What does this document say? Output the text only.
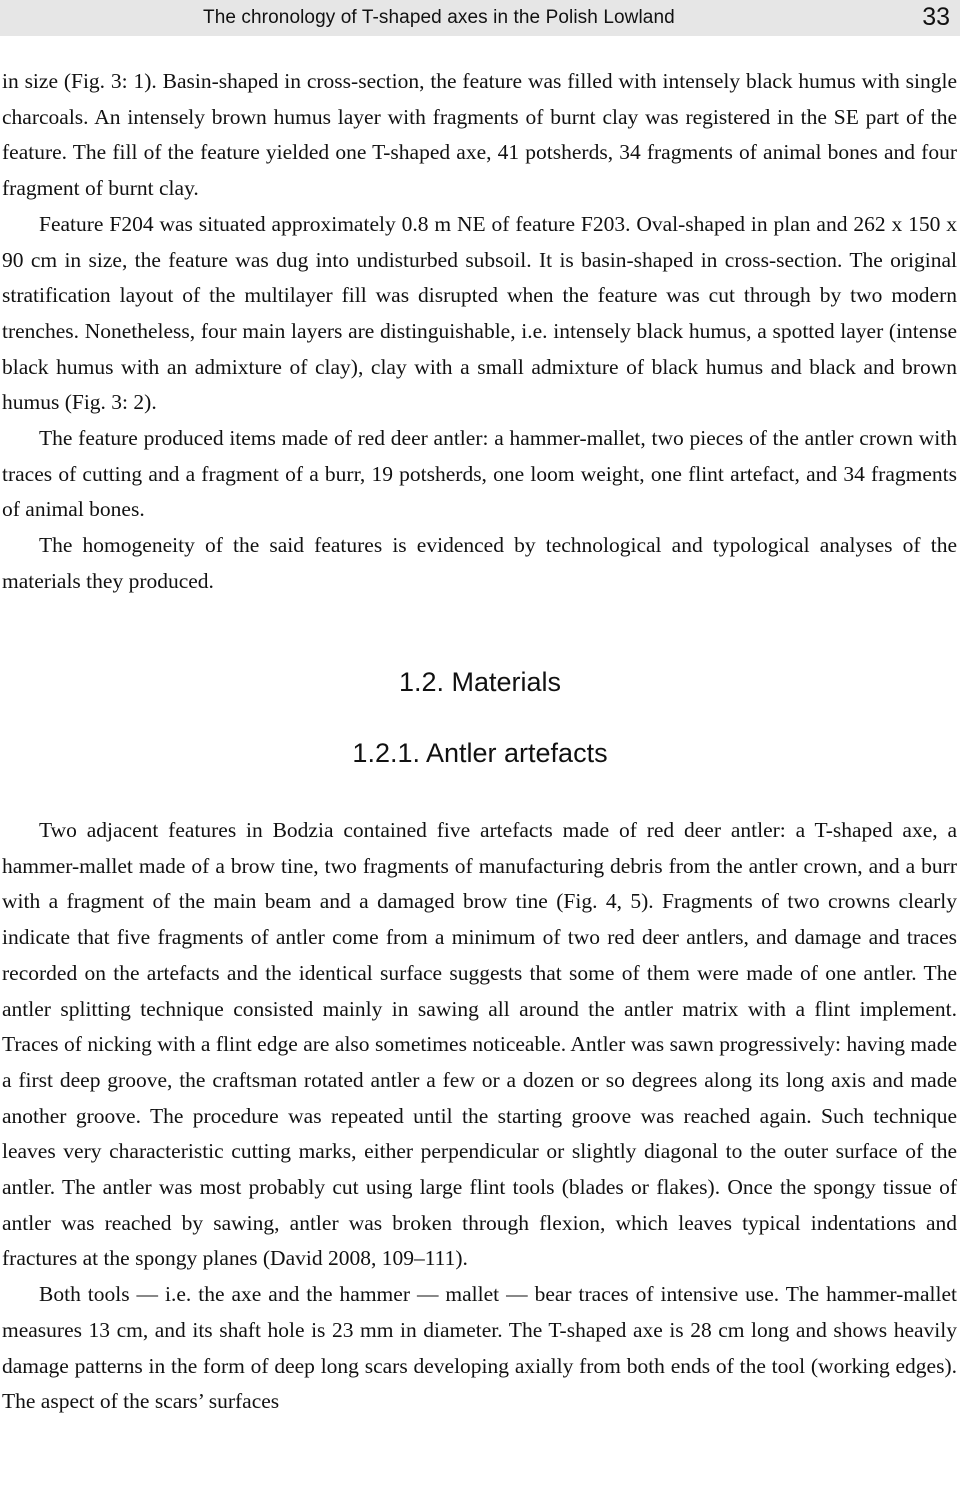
The chronology of T-shaped axes in the Polish Lowland	33

in size (Fig. 3: 1). Basin-shaped in cross-section, the feature was filled with intensely black humus with single charcoals. An intensely brown humus layer with fragments of burnt clay was registered in the SE part of the feature. The fill of the feature yielded one T-shaped axe, 41 potsherds, 34 fragments of animal bones and four fragment of burnt clay.

Feature F204 was situated approximately 0.8 m NE of feature F203. Oval-shaped in plan and 262 x 150 x 90 cm in size, the feature was dug into undisturbed subsoil. It is basin-shaped in cross-section. The original stratification layout of the multilayer fill was disrupted when the feature was cut through by two modern trenches. Nonetheless, four main layers are distinguishable, i.e. intensely black humus, a spotted layer (intense black humus with an admixture of clay), clay with a small admixture of black humus and black and brown humus (Fig. 3: 2).

The feature produced items made of red deer antler: a hammer-mallet, two pieces of the antler crown with traces of cutting and a fragment of a burr, 19 potsherds, one loom weight, one flint artefact, and 34 fragments of animal bones.

The homogeneity of the said features is evidenced by technological and typological analyses of the materials they produced.

1.2. Materials
1.2.1. Antler artefacts

Two adjacent features in Bodzia contained five artefacts made of red deer antler: a T-shaped axe, a hammer-mallet made of a brow tine, two fragments of manufacturing debris from the antler crown, and a burr with a fragment of the main beam and a damaged brow tine (Fig. 4, 5). Fragments of two crowns clearly indicate that five fragments of antler come from a minimum of two red deer antlers, and damage and traces recorded on the artefacts and the identical surface suggests that some of them were made of one antler. The antler splitting technique consisted mainly in sawing all around the antler matrix with a flint implement. Traces of nicking with a flint edge are also sometimes noticeable. Antler was sawn progressively: having made a first deep groove, the craftsman rotated antler a few or a dozen or so degrees along its long axis and made another groove. The procedure was repeated until the starting groove was reached again. Such technique leaves very characteristic cutting marks, either perpendicular or slightly diagonal to the outer surface of the antler. The antler was most probably cut using large flint tools (blades or flakes). Once the spongy tissue of antler was reached by sawing, antler was broken through flexion, which leaves typical indentations and fractures at the spongy planes (David 2008, 109–111).

Both tools — i.e. the axe and the hammer — mallet — bear traces of intensive use. The hammer-mallet measures 13 cm, and its shaft hole is 23 mm in diameter. The T-shaped axe is 28 cm long and shows heavily damage patterns in the form of deep long scars developing axially from both ends of the tool (working edges). The aspect of the scars’ surfaces
